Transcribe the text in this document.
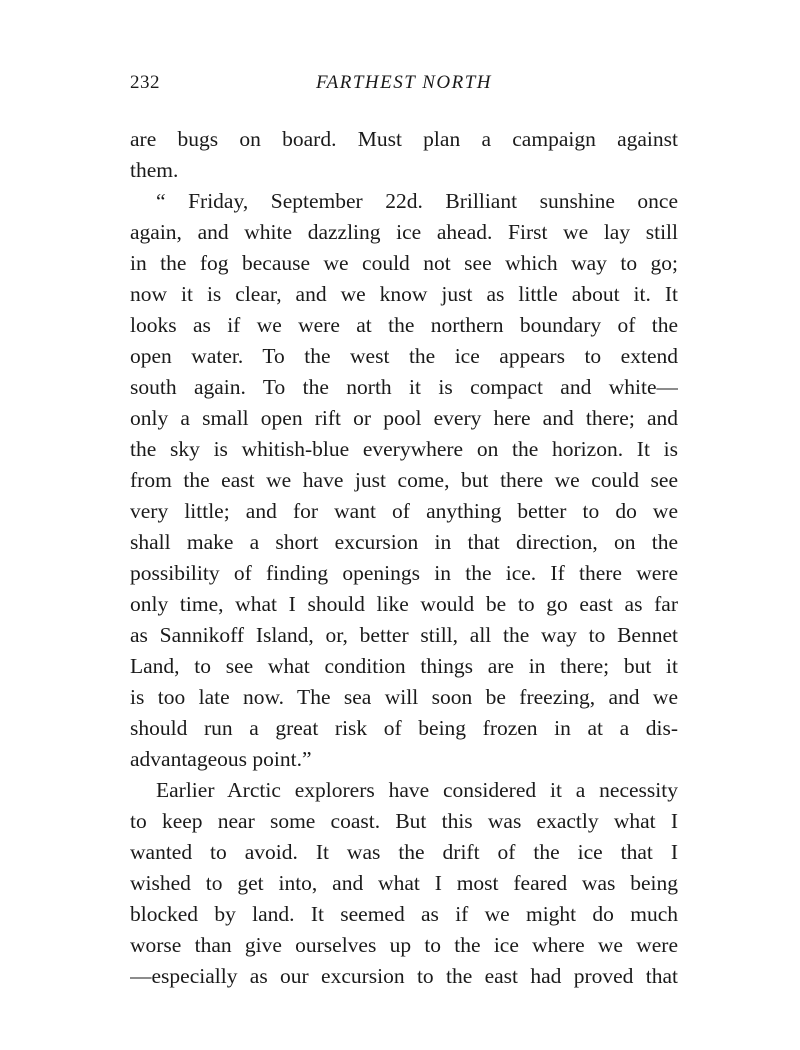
232	FARTHEST NORTH
are bugs on board. Must plan a campaign against
them.
“ Friday, September 22d. Brilliant sunshine once
again, and white dazzling ice ahead. First we lay still
in the fog because we could not see which way to go;
now it is clear, and we know just as little about it. It
looks as if we were at the northern boundary of the
open water. To the west the ice appears to extend
south again. To the north it is compact and white—
only a small open rift or pool every here and there; and
the sky is whitish-blue everywhere on the horizon. It is
from the east we have just come, but there we could see
very little; and for want of anything better to do we
shall make a short excursion in that direction, on the
possibility of finding openings in the ice. If there were
only time, what I should like would be to go east as far
as Sannikoff Island, or, better still, all the way to Bennet
Land, to see what condition things are in there; but it
is too late now. The sea will soon be freezing, and we
should run a great risk of being frozen in at a dis-
advantageous point.”
Earlier Arctic explorers have considered it a necessity
to keep near some coast. But this was exactly what I
wanted to avoid. It was the drift of the ice that I
wished to get into, and what I most feared was being
blocked by land. It seemed as if we might do much
worse than give ourselves up to the ice where we were
—especially as our excursion to the east had proved that
